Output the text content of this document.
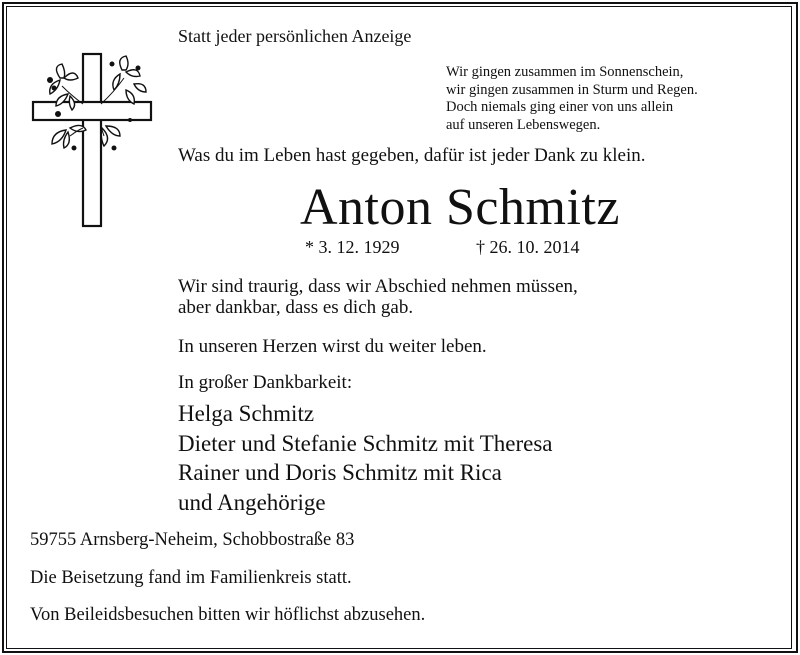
Statt jeder persönlichen Anzeige
Wir gingen zusammen im Sonnenschein,
wir gingen zusammen in Sturm und Regen.
Doch niemals ging einer von uns allein
auf unseren Lebenswegen.
Was du im Leben hast gegeben, dafür ist jeder Dank zu klein.
Anton Schmitz
* 3. 12. 1929	† 26. 10. 2014
Wir sind traurig, dass wir Abschied nehmen müssen,
aber dankbar, dass es dich gab.
In unseren Herzen wirst du weiter leben.
In großer Dankbarkeit:
Helga Schmitz
Dieter und Stefanie Schmitz mit Theresa
Rainer und Doris Schmitz mit Rica
und Angehörige
59755 Arnsberg-Neheim, Schobbostraße 83
Die Beisetzung fand im Familienkreis statt.
Von Beileidsbesuchen bitten wir höflichst abzusehen.
